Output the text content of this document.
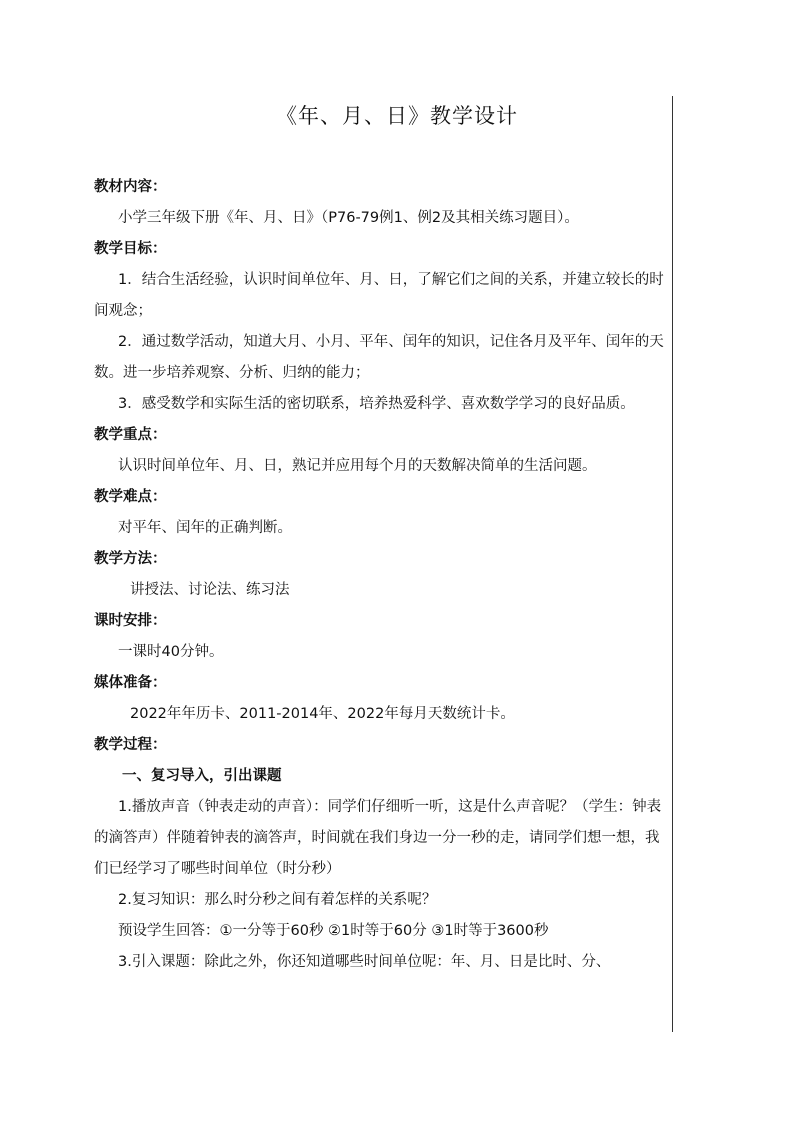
《年、月、日》教学设计
教材内容：
小学三年级下册《年、月、日》（P76-79例1、例2及其相关练习题目）。
教学目标：
1．结合生活经验，认识时间单位年、月、日，了解它们之间的关系，并建立较长的时间观念；
2．通过数学活动，知道大月、小月、平年、闰年的知识，记住各月及平年、闰年的天数。进一步培养观察、分析、归纳的能力；
3．感受数学和实际生活的密切联系，培养热爱科学、喜欢数学学习的良好品质。
教学重点：
认识时间单位年、月、日，熟记并应用每个月的天数解决简单的生活问题。
教学难点：
对平年、闰年的正确判断。
教学方法：
讲授法、讨论法、练习法
课时安排：
一课时40分钟。
媒体准备：
2022年年历卡、2011-2014年、2022年每月天数统计卡。
教学过程：
一、复习导入，引出课题
1.播放声音（钟表走动的声音）：同学们仔细听一听，这是什么声音呢？（学生：钟表的滴答声）伴随着钟表的滴答声，时间就在我们身边一分一秒的走，请同学们想一想，我们已经学习了哪些时间单位（时分秒）
2.复习知识：那么时分秒之间有着怎样的关系呢？
预设学生回答：①一分等于60秒 ②1时等于60分 ③1时等于3600秒
3.引入课题：除此之外，你还知道哪些时间单位呢：年、月、日是比时、分、
